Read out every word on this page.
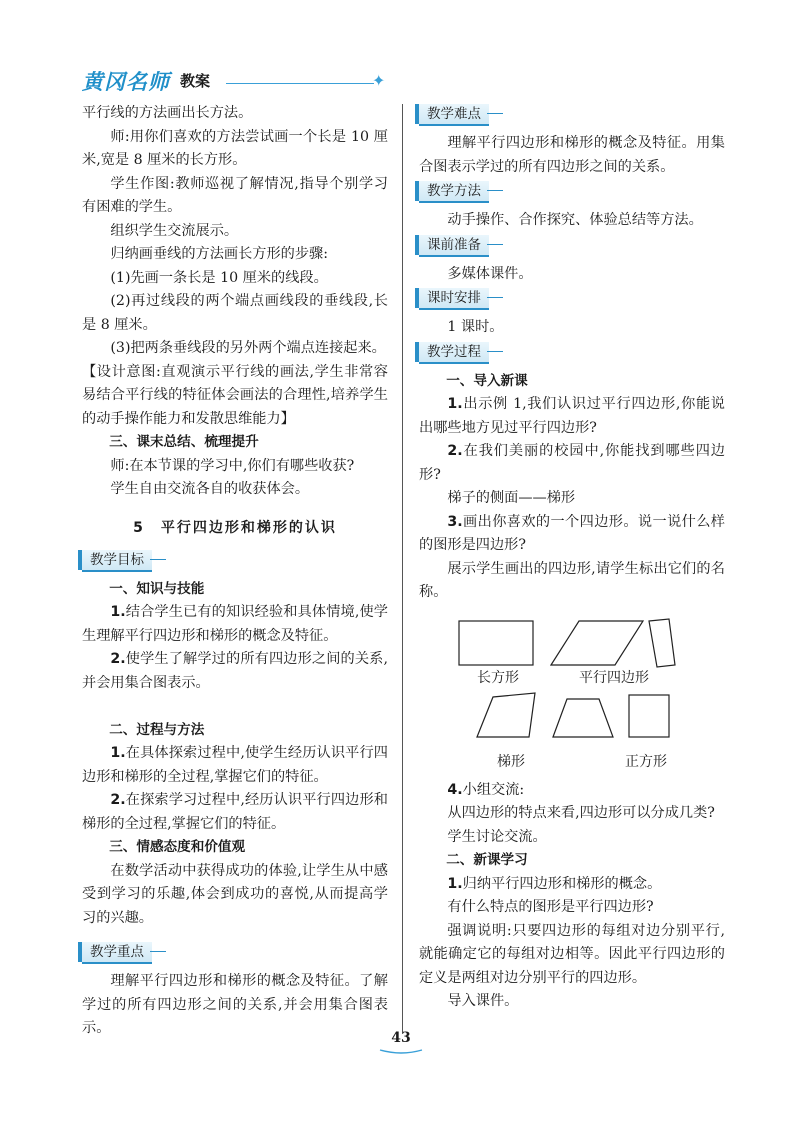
黄冈名师 教案	✦

平行线的方法画出长方法。

师:用你们喜欢的方法尝试画一个长是 10 厘米,宽是 8 厘米的长方形。

学生作图:教师巡视了解情况,指导个别学习有困难的学生。

组织学生交流展示。

归纳画垂线的方法画长方形的步骤:

(1)先画一条长是 10 厘米的线段。

(2)再过线段的两个端点画线段的垂线段,长是 8 厘米。

(3)把两条垂线段的另外两个端点连接起来。

【设计意图:直观演示平行线的画法,学生非常容易结合平行线的特征体会画法的合理性,培养学生的动手操作能力和发散思维能力】

三、课末总结、梳理提升

师:在本节课的学习中,你们有哪些收获?

学生自由交流各自的收获体会。

5　平行四边形和梯形的认识
教学目标

一、知识与技能

1.结合学生已有的知识经验和具体情境,使学生理解平行四边形和梯形的概念及特征。

2.使学生了解学过的所有四边形之间的关系,并会用集合图表示。

二、过程与方法

1.在具体探索过程中,使学生经历认识平行四边形和梯形的全过程,掌握它们的特征。

2.在探索学习过程中,经历认识平行四边形和梯形的全过程,掌握它们的特征。

三、情感态度和价值观

在数学活动中获得成功的体验,让学生从中感受到学习的乐趣,体会到成功的喜悦,从而提高学习的兴趣。

教学重点

理解平行四边形和梯形的概念及特征。了解学过的所有四边形之间的关系,并会用集合图表示。

教学难点

理解平行四边形和梯形的概念及特征。用集合图表示学过的所有四边形之间的关系。

教学方法

动手操作、合作探究、体验总结等方法。

课前准备

多媒体课件。

课时安排

1 课时。

教学过程

一、导入新课

1.出示例 1,我们认识过平行四边形,你能说出哪些地方见过平行四边形?

2.在我们美丽的校园中,你能找到哪些四边形?

梯子的侧面——梯形

3.画出你喜欢的一个四边形。说一说什么样的图形是四边形?

展示学生画出的四边形,请学生标出它们的名称。

长方形	平行四边形
梯形	正方形

4.小组交流:

从四边形的特点来看,四边形可以分成几类?

学生讨论交流。

二、新课学习

1.归纳平行四边形和梯形的概念。

有什么特点的图形是平行四边形?

强调说明:只要四边形的每组对边分别平行,就能确定它的每组对边相等。因此平行四边形的定义是两组对边分别平行的四边形。

导入课件。

43
